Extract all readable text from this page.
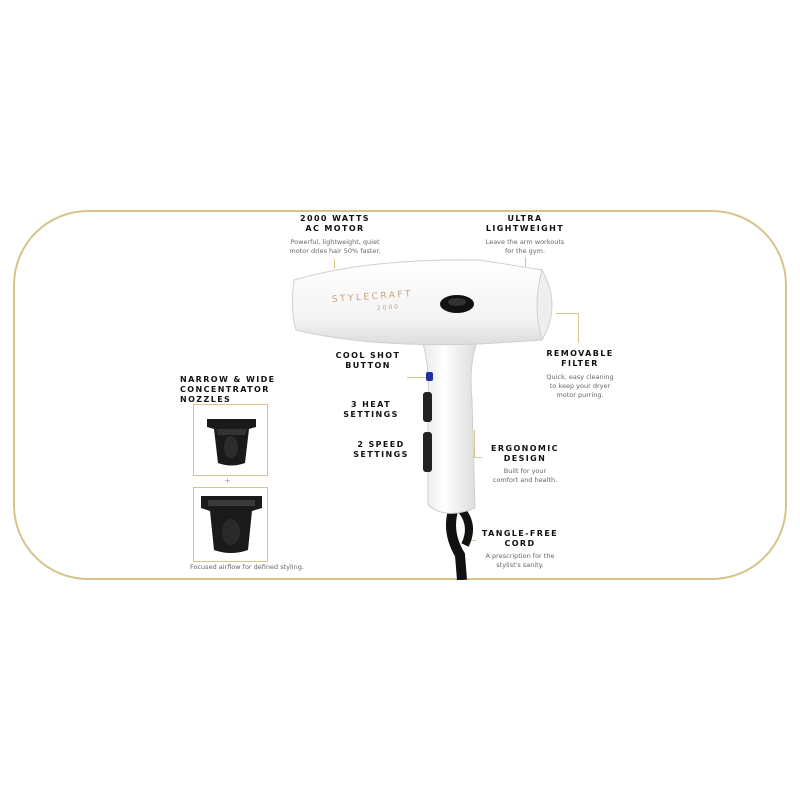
2000 WATTS
AC MOTOR
Powerful, lightweight, quiet
motor dries hair 50% faster.
ULTRA
LIGHTWEIGHT
Leave the arm workouts
for the gym.
REMOVABLE
FILTER
Quick, easy cleaning
to keep your dryer
motor purring.
COOL SHOT
BUTTON
3 HEAT
SETTINGS
2 SPEED
SETTINGS
ERGONOMIC
DESIGN
Built for your
comfort and health.
TANGLE-FREE
CORD
A prescription for the
stylist's sanity.
NARROW & WIDE
CONCENTRATOR
NOZZLES
+
Focused airflow for defined styling.
STYLECRAFT
2000
